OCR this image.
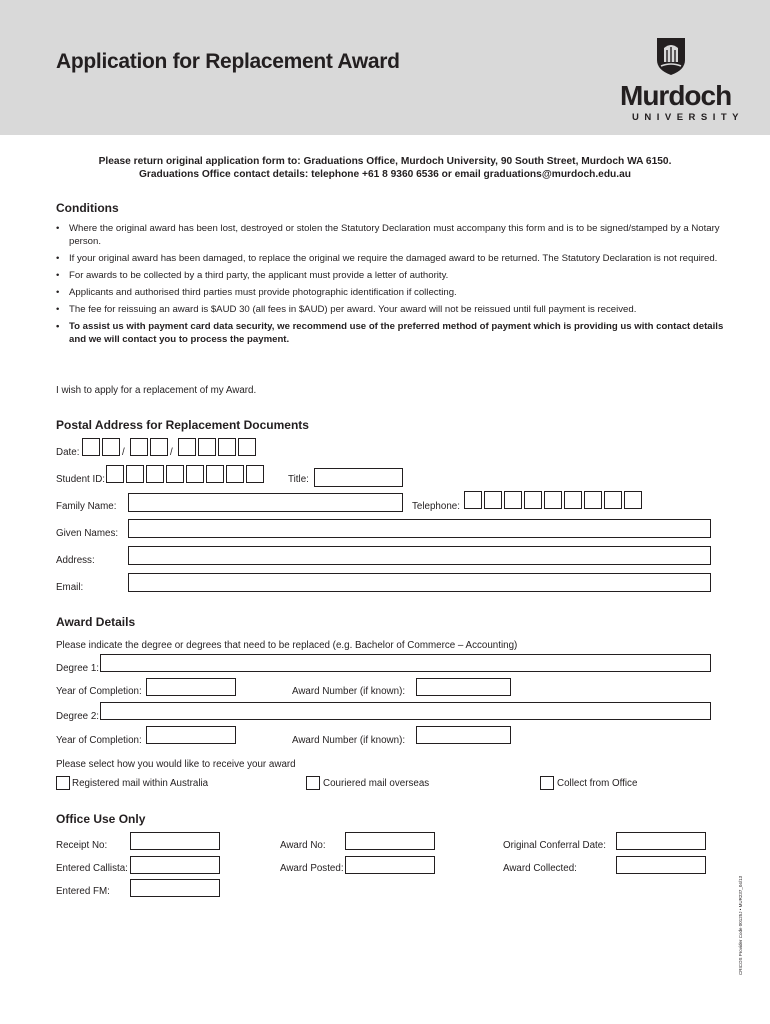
Application for Replacement Award
Murdoch
UNIVERSITY
Please return original application form to: Graduations Office, Murdoch University, 90 South Street, Murdoch WA 6150.
Graduations Office contact details: telephone +61 8 9360 6536 or email graduations@murdoch.edu.au
Conditions
• Where the original award has been lost, destroyed or stolen the Statutory Declaration must accompany this form and is to be signed/stamped by a Notary person.
• If your original award has been damaged, to replace the original we require the damaged award to be returned. The Statutory Declaration is not required.
• For awards to be collected by a third party, the applicant must provide a letter of authority.
• Applicants and authorised third parties must provide photographic identification if collecting.
• The fee for reissuing an award is $AUD 30 (all fees in $AUD) per award. Your award will not be reissued until full payment is received.
• To assist us with payment card data security, we recommend use of the preferred method of payment which is providing us with contact details and we will contact you to process the payment.
I wish to apply for a replacement of my Award.
Postal Address for Replacement Documents
Date:	/	/
Student ID:	Title:
Family Name:	Telephone:
Given Names:
Address:
Email:
Award Details
Please indicate the degree or degrees that need to be replaced (e.g. Bachelor of Commerce – Accounting)
Degree 1:
Year of Completion:	Award Number (if known):
Degree 2:
Year of Completion:	Award Number (if known):
Please select how you would like to receive your award
Registered mail within Australia	Couriered mail overseas	Collect from Office
Office Use Only
Receipt No:	Award No:	Original Conferral Date:
Entered Callista:	Award Posted:	Award Collected:
Entered FM:	CRICOS Provider Code 00125J • MUR237_04/13
